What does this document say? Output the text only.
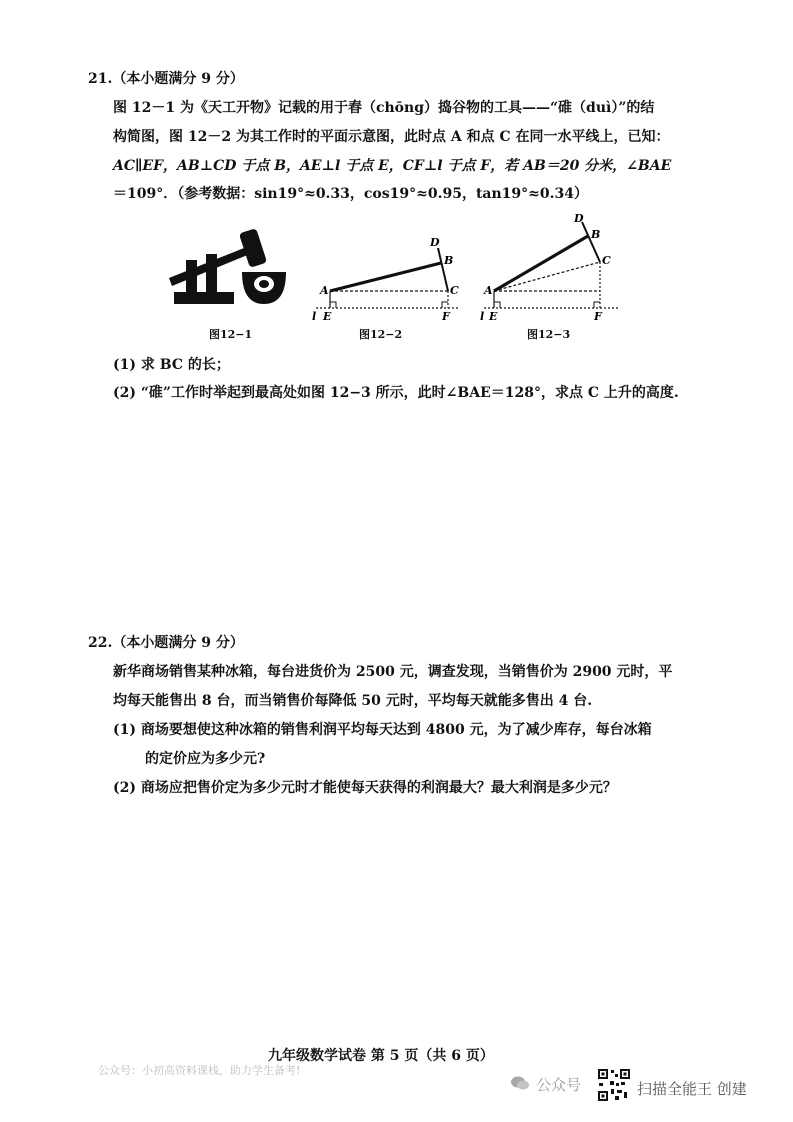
21.（本小题满分 9 分）
图 12－1 为《天工开物》记载的用于舂（chōng）捣谷物的工具——“碓（duì）”的结
构简图，图 12－2 为其工作时的平面示意图，此时点 A 和点 C 在同一水平线上，已知：
AC∥EF，AB⊥CD 于点 B，AE⊥l 于点 E，CF⊥l 于点 F，若 AB＝20 分米，∠BAE
＝109°．（参考数据：sin19°≈0.33，cos19°≈0.95，tan19°≈0.34）
图12−1
D
B
C
A
l E	F
图12−2
D
B
C
A
l E	F
图12−3
(1) 求 BC 的长；
(2) “碓”工作时举起到最高处如图 12−3 所示，此时∠BAE＝128°，求点 C 上升的高度.
22.（本小题满分 9 分）
新华商场销售某种冰箱，每台进货价为 2500 元，调查发现，当销售价为 2900 元时，平
均每天能售出 8 台，而当销售价每降低 50 元时，平均每天就能多售出 4 台.
(1) 商场要想使这种冰箱的销售利润平均每天达到 4800 元，为了减少库存，每台冰箱
的定价应为多少元?
(2) 商场应把售价定为多少元时才能使每天获得的利润最大？最大利润是多少元？
九年级数学试卷 第 5 页（共 6 页）
公众号：小初高资料课栈，助力学生备考!
公众号	扫描全能王 创建
